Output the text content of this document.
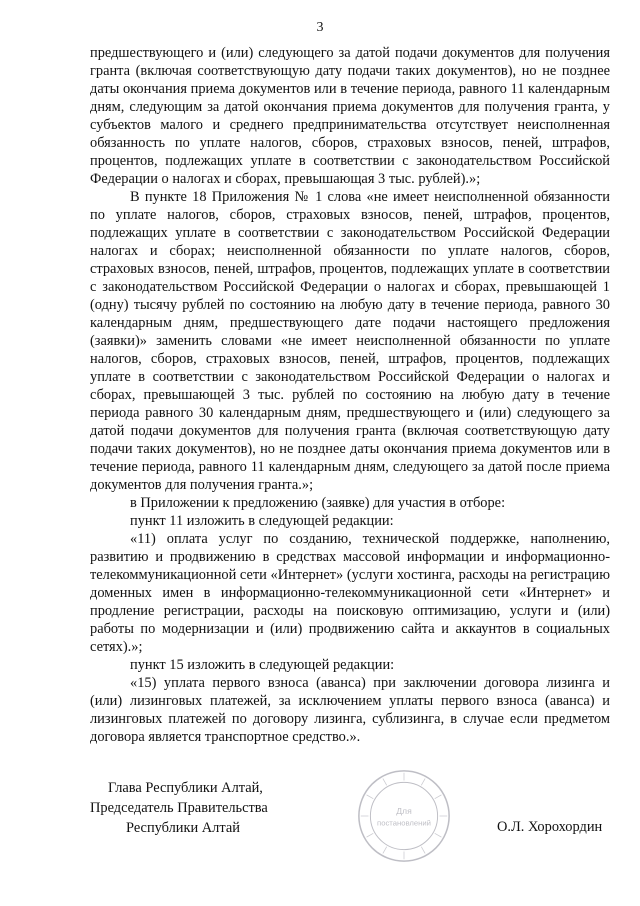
3

предшествующего и (или) следующего за датой подачи документов для получения гранта (включая соответствующую дату подачи таких документов), но не позднее даты окончания приема документов или в течение периода, равного 11 календарным дням, следующим за датой окончания приема документов для получения гранта, у субъектов малого и среднего предпринимательства отсутствует неисполненная обязанность по уплате налогов, сборов, страховых взносов, пеней, штрафов, процентов, подлежащих уплате в соответствии с законодательством Российской Федерации о налогах и сборах, превышающая 3 тыс. рублей).»;

В пункте 18 Приложения № 1 слова «не имеет неисполненной обязанности по уплате налогов, сборов, страховых взносов, пеней, штрафов, процентов, подлежащих уплате в соответствии с законодательством Российской Федерации налогах и сборах; неисполненной обязанности по уплате налогов, сборов, страховых взносов, пеней, штрафов, процентов, подлежащих уплате в соответствии с законодательством Российской Федерации о налогах и сборах, превышающей 1 (одну) тысячу рублей по состоянию на любую дату в течение периода, равного 30 календарным дням, предшествующего дате подачи настоящего предложения (заявки)» заменить словами «не имеет неисполненной обязанности по уплате налогов, сборов, страховых взносов, пеней, штрафов, процентов, подлежащих уплате в соответствии с законодательством Российской Федерации о налогах и сборах, превышающей 3 тыс. рублей по состоянию на любую дату в течение периода равного 30 календарным дням, предшествующего и (или) следующего за датой подачи документов для получения гранта (включая соответствующую дату подачи таких документов), но не позднее даты окончания приема документов или в течение периода, равного 11 календарным дням, следующего за датой после приема документов для получения гранта.»;

в Приложении к предложению (заявке) для участия в отборе:

пункт 11 изложить в следующей редакции:

«11) оплата услуг по созданию, технической поддержке, наполнению, развитию и продвижению в средствах массовой информации и информационно-телекоммуникационной сети «Интернет» (услуги хостинга, расходы на регистрацию доменных имен в информационно-телекоммуникационной сети «Интернет» и продление регистрации, расходы на поисковую оптимизацию, услуги и (или) работы по модернизации и (или) продвижению сайта и аккаунтов в социальных сетях).»;

пункт 15 изложить в следующей редакции:

«15) уплата первого взноса (аванса) при заключении договора лизинга и (или) лизинговых платежей, за исключением уплаты первого взноса (аванса) и лизинговых платежей по договору лизинга, сублизинга, в случае если предметом договора является транспортное средство.».

Для
постановлений
Глава Республики Алтай,
Председатель Правительства
Республики Алтай	О.Л. Хорохордин
